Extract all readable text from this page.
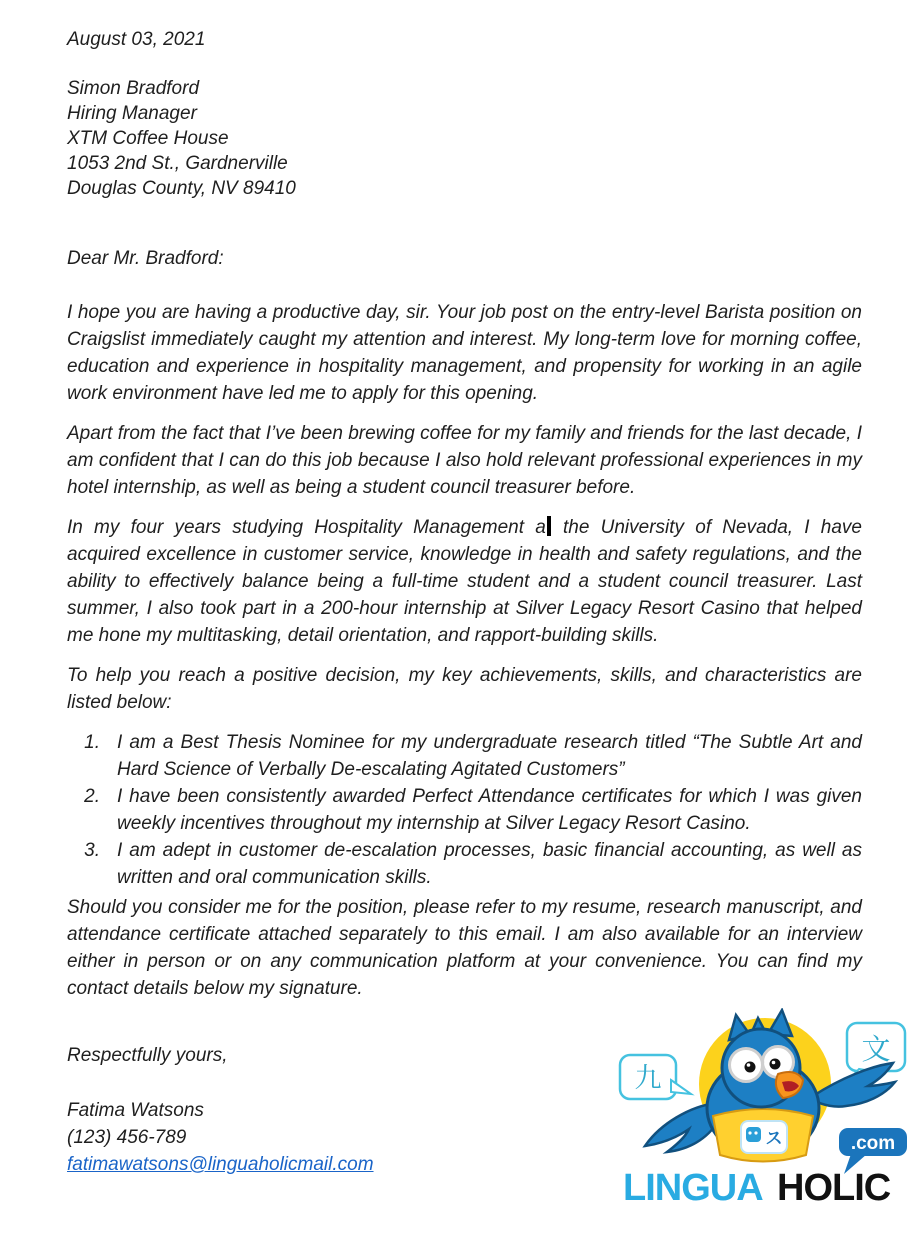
August 03, 2021

Simon Bradford

Hiring Manager

XTM Coffee House

1053 2nd St., Gardnerville

Douglas County, NV 89410

Dear Mr. Bradford:

I hope you are having a productive day, sir. Your job post on the entry-level Barista position on Craigslist immediately caught my attention and interest. My long-term love for morning coffee, education and experience in hospitality management, and propensity for working in an agile work environment have led me to apply for this opening.

Apart from the fact that I’ve been brewing coffee for my family and friends for the last decade, I am confident that I can do this job because I also hold relevant professional experiences in my hotel internship, as well as being a student council treasurer before.

In my four years studying Hospitality Management a the University of Nevada, I have acquired excellence in customer service, knowledge in health and safety regulations, and the ability to effectively balance being a full-time student and a student council treasurer. Last summer, I also took part in a 200-hour internship at Silver Legacy Resort Casino that helped me hone my multitasking, detail orientation, and rapport-building skills.

To help you reach a positive decision, my key achievements, skills, and characteristics are listed below:

1. I am a Best Thesis Nominee for my undergraduate research titled “The Subtle Art and Hard Science of Verbally De-escalating Agitated Customers”
2. I have been consistently awarded Perfect Attendance certificates for which I was given weekly incentives throughout my internship at Silver Legacy Resort Casino.
3. I am adept in customer de-escalation processes, basic financial accounting, as well as written and oral communication skills.

Should you consider me for the position, please refer to my resume, research manuscript, and attendance certificate attached separately to this email. I am also available for an interview either in person or on any communication platform at your convenience. You can find my contact details below my signature.

Respectfully yours,

Fatima Watsons

(123) 456-789

fatimawatsons@linguaholicmail.com
九
文
ス	.com
LINGUA HOLIC
